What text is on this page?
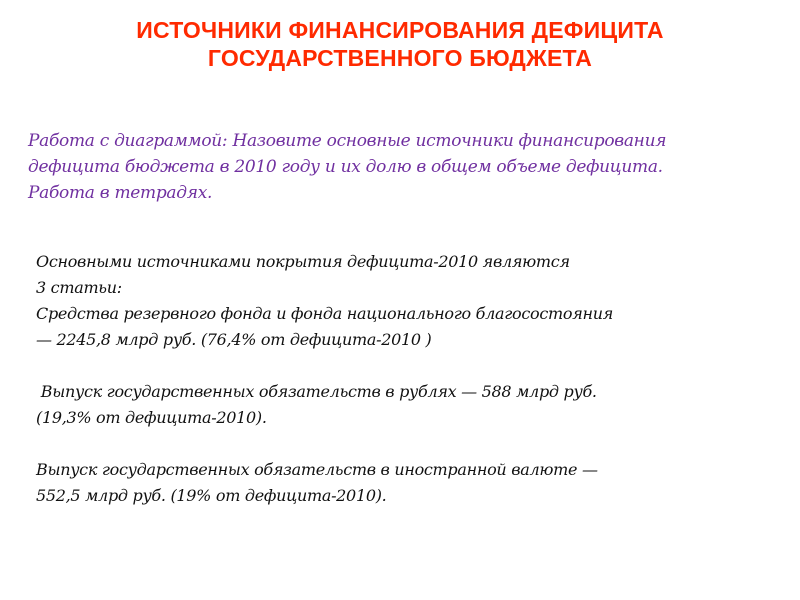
ИСТОЧНИКИ ФИНАНСИРОВАНИЯ ДЕФИЦИТА
ГОСУДАРСТВЕННОГО БЮДЖЕТА
Работа с диаграммой: Назовите основные источники финансирования
дефицита бюджета в 2010 году и их долю в общем объеме дефицита.
Работа в тетрадях.
Основными источниками покрытия дефицита-2010 являются
3 статьи:
Средства резервного фонда и фонда национального благосостояния
— 2245,8 млрд руб. (76,4% от дефицита-2010 )
Выпуск государственных обязательств в рублях — 588 млрд руб.
(19,3% от дефицита-2010).
Выпуск государственных обязательств в иностранной валюте —
552,5 млрд руб. (19% от дефицита-2010).
